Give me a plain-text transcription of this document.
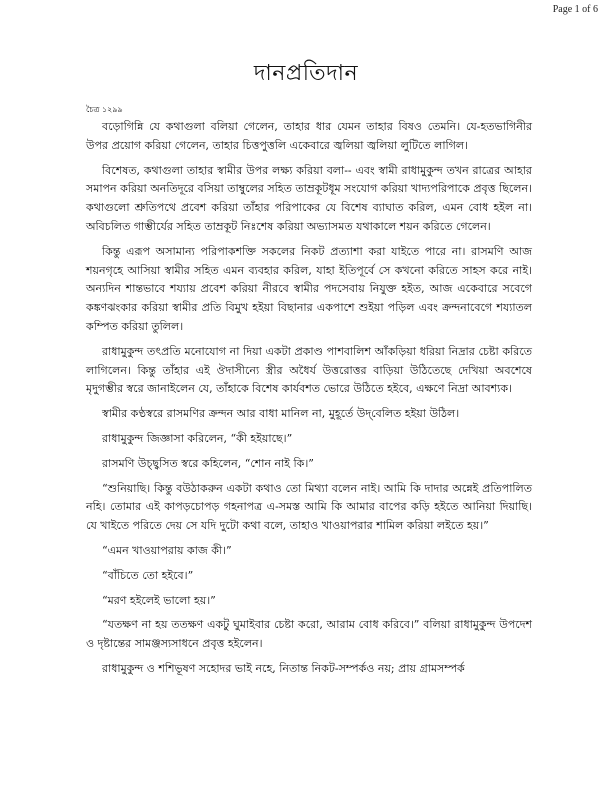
Page 1 of 6
দানপ্রতিদান
চৈত্র ১২৯৯

বড়োগিন্নি যে কথাগুলা বলিয়া গেলেন, তাহার ধার যেমন তাহার বিষও তেমনি। যে-হতভাগিনীর উপর প্রয়োগ করিয়া গেলেন, তাহার চিত্তপুত্তলি একেবারে জ্বলিয়া জ্বলিয়া লুটিতে লাগিল।

বিশেষত, কথাগুলা তাহার স্বামীর উপর লক্ষ্য করিয়া বলা-- এবং স্বামী রাধামুকুন্দ তখন রাত্রের আহার সমাপন করিয়া অনতিদূরে বসিয়া তাম্বুলের সহিত তাম্রকূটধূম সংযোগ করিয়া খাদ্যপরিপাকে প্রবৃত্ত ছিলেন। কথাগুলো শ্রুতিপথে প্রবেশ করিয়া তাঁহার পরিপাকের যে বিশেষ ব্যাঘাত করিল, এমন বোধ হইল না। অবিচলিত গাম্ভীর্যের সহিত তাম্রকূট নিঃশেষ করিয়া অভ্যাসমত যথাকালে শয়ন করিতে গেলেন।

কিন্তু এরূপ অসামান্য পরিপাকশক্তি সকলের নিকট প্রত্যাশা করা যাইতে পারে না। রাসমণি আজ শয়নগৃহে আসিয়া স্বামীর সহিত এমন ব্যবহার করিল, যাহা ইতিপূর্বে সে কখনো করিতে সাহস করে নাই। অন্যদিন শান্তভাবে শয্যায় প্রবেশ করিয়া নীরবে স্বামীর পদসেবায় নিযুক্ত হইত, আজ একেবারে সবেগে কঙ্কণঝংকার করিয়া স্বামীর প্রতি বিমুখ হইয়া বিছানার একপাশে শুইয়া পড়িল এবং ক্রন্দনাবেগে শয্যাতল কম্পিত করিয়া তুলিল।

রাধামুকুন্দ তৎপ্রতি মনোযোগ না দিয়া একটা প্রকাণ্ড পাশবালিশ আঁকড়িয়া ধরিয়া নিদ্রার চেষ্টা করিতে লাগিলেন। কিন্তু তাঁহার এই ঔদাসীন্যে স্ত্রীর অধৈর্য উত্তরোত্তর বাড়িয়া উঠিতেছে দেখিয়া অবশেষে মৃদুগম্ভীর স্বরে জানাইলেন যে, তাঁহাকে বিশেষ কার্যবশত ভোরে উঠিতে হইবে, এক্ষণে নিদ্রা আবশ্যক।

স্বামীর কণ্ঠস্বরে রাসমণির ক্রন্দন আর বাধা মানিল না, মুহূর্তে উদ্‌বেলিত হইয়া উঠিল।

রাধামুকুন্দ জিজ্ঞাসা করিলেন, “কী হইয়াছে।”

রাসমণি উচ্ছ্বসিত স্বরে কহিলেন, “শোন নাই কি।”

“শুনিয়াছি। কিন্তু বউঠাকরুন একটা কথাও তো মিথ্যা বলেন নাই। আমি কি দাদার অন্নেই প্রতিপালিত নহি। তোমার এই কাপড়চোপড় গহনাপত্র এ-সমস্ত আমি কি আমার বাপের কড়ি হইতে আনিয়া দিয়াছি। যে খাইতে পরিতে দেয় সে যদি দুটো কথা বলে, তাহাও খাওয়াপরার শামিল করিয়া লইতে হয়।”

“এমন খাওয়াপরায় কাজ কী।”

“বাঁচিতে তো হইবে।”

“মরণ হইলেই ভালো হয়।”

“যতক্ষণ না হয় ততক্ষণ একটু ঘুমাইবার চেষ্টা করো, আরাম বোধ করিবে।” বলিয়া রাধামুকুন্দ উপদেশ ও দৃষ্টান্তের সামঞ্জস্যসাধনে প্রবৃত্ত হইলেন।

রাধামুকুন্দ ও শশিভূষণ সহোদর ভাই নহে, নিতান্ত নিকট-সম্পর্কও নয়; প্রায় গ্রামসম্পর্ক
